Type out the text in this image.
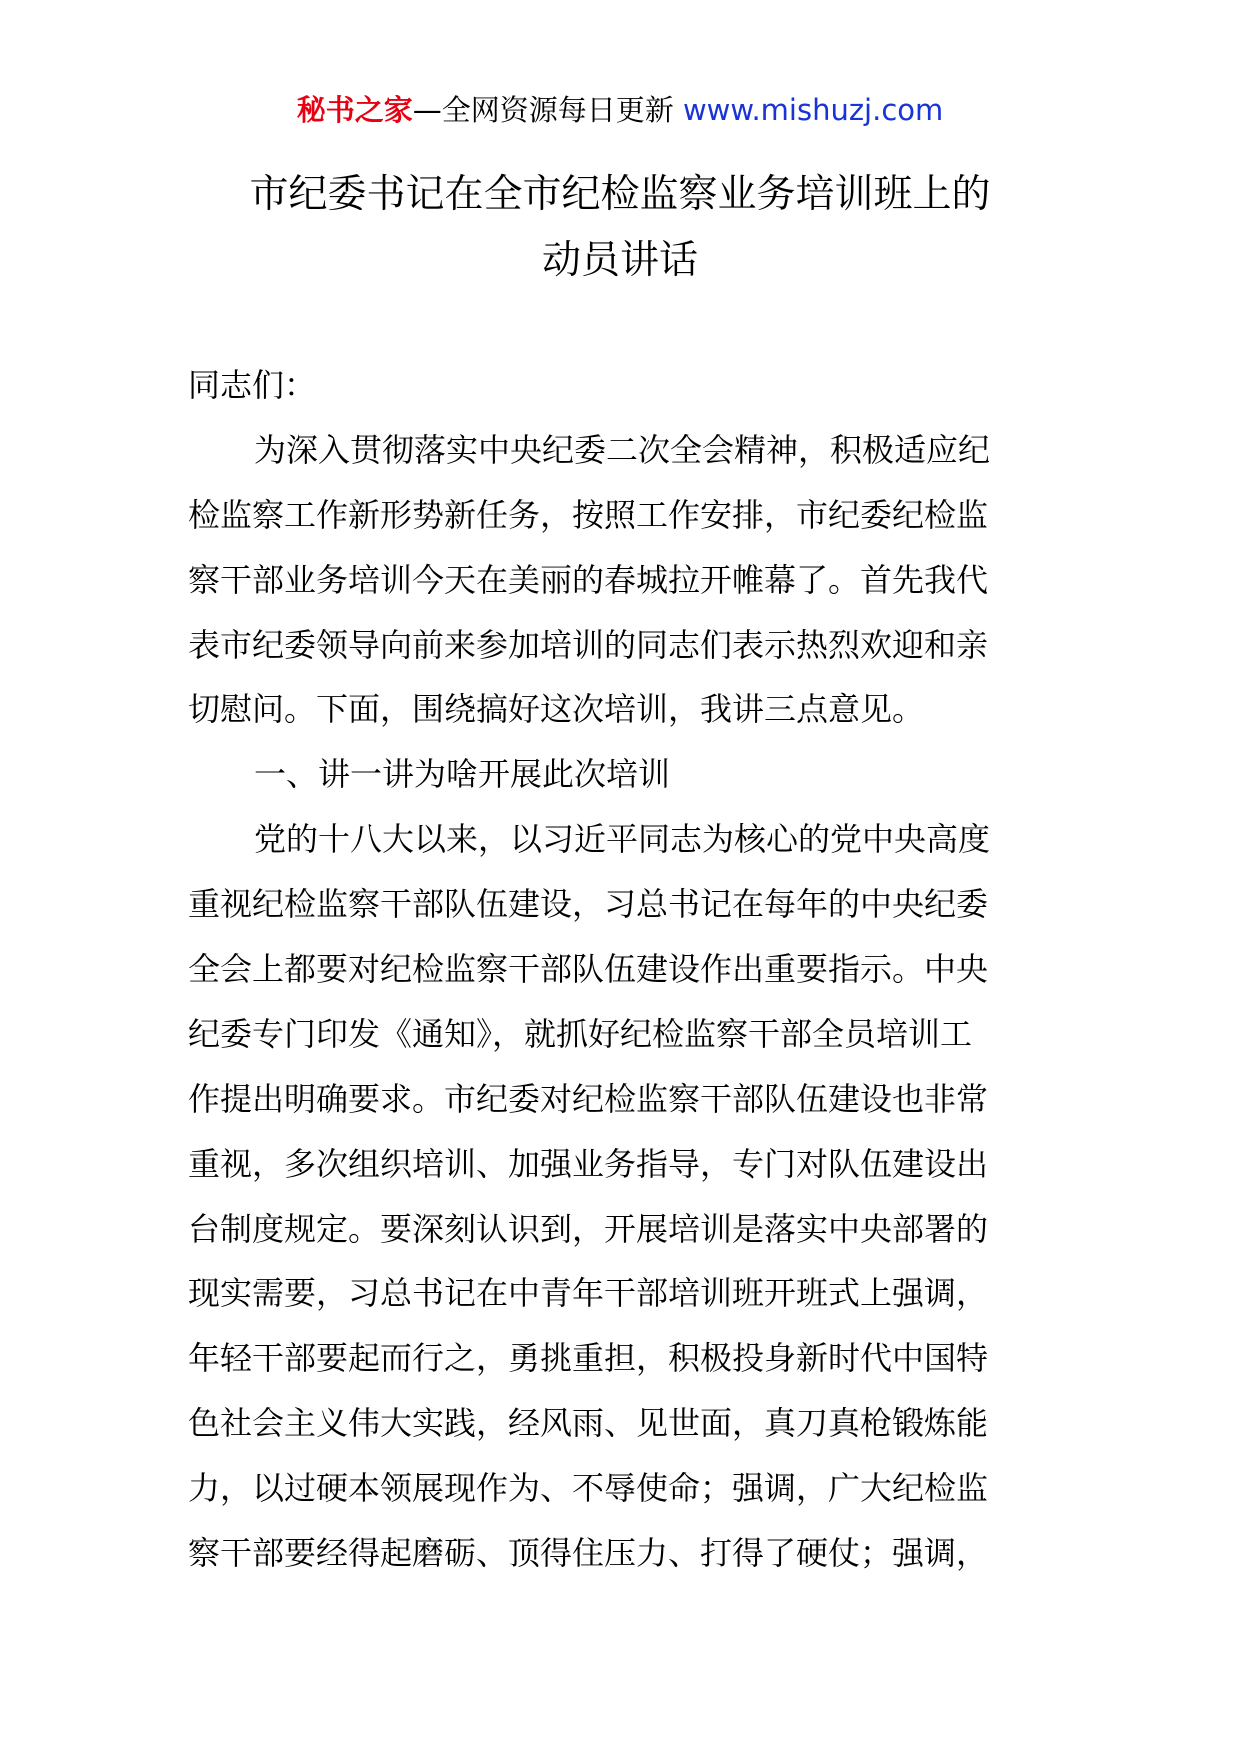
秘书之家—全网资源每日更新 www.mishuzj.com
市纪委书记在全市纪检监察业务培训班上的
动员讲话
同志们：
为深入贯彻落实中央纪委二次全会精神，积极适应纪
检监察工作新形势新任务，按照工作安排，市纪委纪检监
察干部业务培训今天在美丽的春城拉开帷幕了。首先我代
表市纪委领导向前来参加培训的同志们表示热烈欢迎和亲
切慰问。下面，围绕搞好这次培训，我讲三点意见。
一、讲一讲为啥开展此次培训
党的十八大以来，以习近平同志为核心的党中央高度
重视纪检监察干部队伍建设，习总书记在每年的中央纪委
全会上都要对纪检监察干部队伍建设作出重要指示。中央
纪委专门印发《通知》，就抓好纪检监察干部全员培训工
作提出明确要求。市纪委对纪检监察干部队伍建设也非常
重视，多次组织培训、加强业务指导，专门对队伍建设出
台制度规定。要深刻认识到，开展培训是落实中央部署的
现实需要，习总书记在中青年干部培训班开班式上强调，
年轻干部要起而行之，勇挑重担，积极投身新时代中国特
色社会主义伟大实践，经风雨、见世面，真刀真枪锻炼能
力，以过硬本领展现作为、不辱使命；强调，广大纪检监
察干部要经得起磨砺、顶得住压力、打得了硬仗；强调，
